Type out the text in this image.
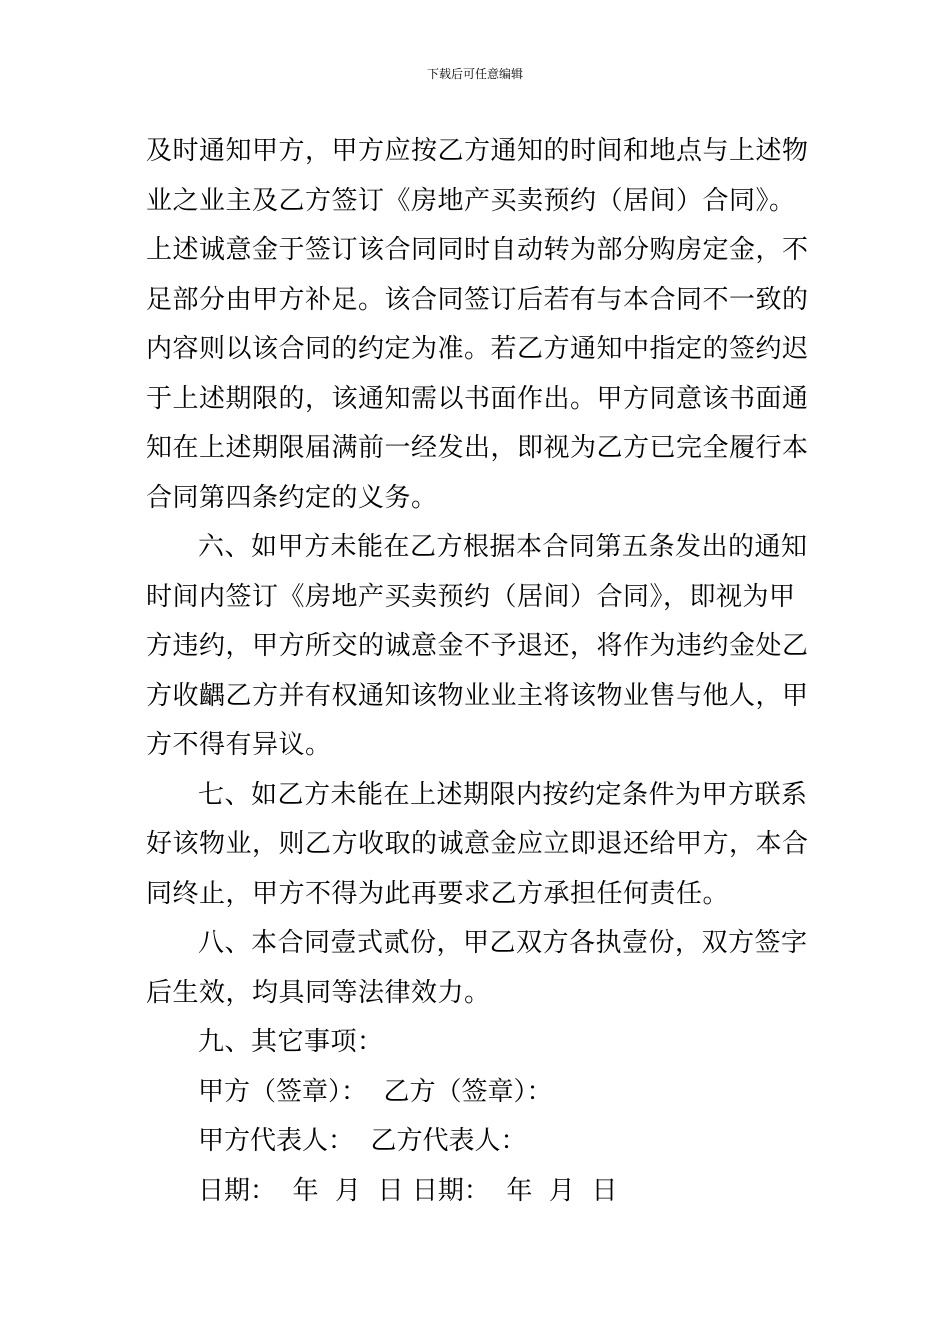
下载后可任意编辑
及时通知甲方，甲方应按乙方通知的时间和地点与上述物
业之业主及乙方签订《房地产买卖预约（居间）合同》。
上述诚意金于签订该合同同时自动转为部分购房定金，不
足部分由甲方补足。该合同签订后若有与本合同不一致的
内容则以该合同的约定为准。若乙方通知中指定的签约迟
于上述期限的，该通知需以书面作出。甲方同意该书面通
知在上述期限届满前一经发出，即视为乙方已完全履行本
合同第四条约定的义务。
六、如甲方未能在乙方根据本合同第五条发出的通知
时间内签订《房地产买卖预约（居间）合同》，即视为甲
方违约，甲方所交的诚意金不予退还，将作为违约金处乙
方收齵乙方并有权通知该物业业主将该物业售与他人，甲
方不得有异议。
七、如乙方未能在上述期限内按约定条件为甲方联系
好该物业，则乙方收取的诚意金应立即退还给甲方，本合
同终止，甲方不得为此再要求乙方承担任何责任。
八、本合同壹式贰份，甲乙双方各执壹份，双方签字
后生效，均具同等法律效力。
九、其它事项：
甲方（签章）： 乙方（签章）：
甲方代表人： 乙方代表人：
日期：  年  月  日 日期：  年  月  日
